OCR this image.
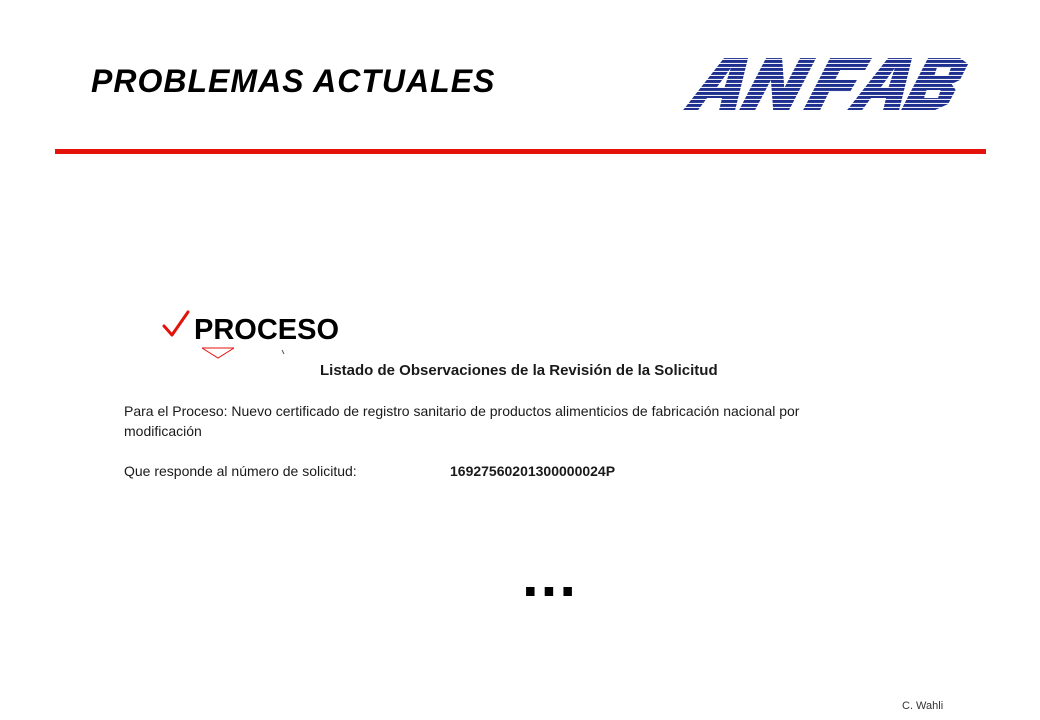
PROBLEMAS ACTUALES
PROCESO
Listado de Observaciones de la Revisión de la Solicitud
Para el Proceso: Nuevo certificado de registro sanitario de productos alimenticios de fabricación nacional por
modificación
Que responde al número de solicitud:	16927560201300000024P
...
C. Wahli
